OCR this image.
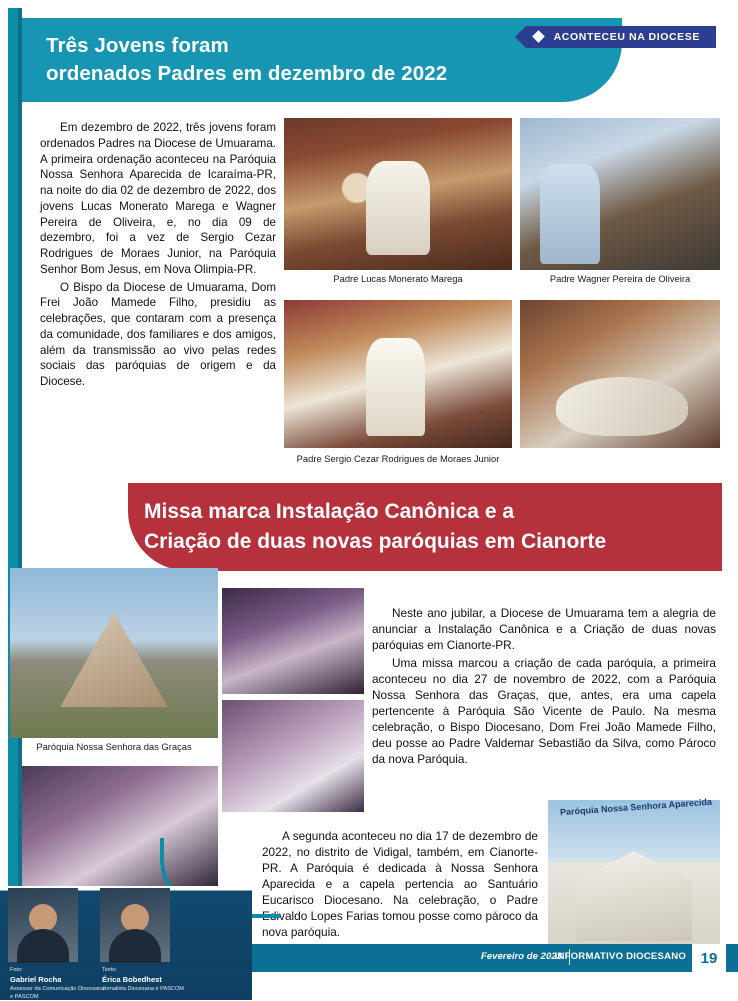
Três Jovens foram
ordenados Padres em dezembro de 2022
ACONTECEU NA DIOCESE

Em dezembro de 2022, três jovens foram ordenados Padres na Diocese de Umuarama. A primeira ordenação aconteceu na Paróquia Nossa Senhora Aparecida de Icaraíma-PR, na noite do dia 02 de dezembro de 2022, dos jovens Lucas Monerato Marega e Wagner Pereira de Oliveira, e, no dia 09 de dezembro, foi a vez de Sergio Cezar Rodrigues de Moraes Junior, na Paróquia Senhor Bom Jesus, em Nova Olimpia-PR.

O Bispo da Diocese de Umuarama, Dom Frei João Mamede Filho, presidiu as celebrações, que contaram com a presença da comunidade, dos familiares e dos amigos, além da transmissão ao vivo pelas redes sociais das paróquias de origem e da Diocese.

Padre Lucas Monerato Marega	Padre Wagner Pereira de Oliveira
Padre Sergio Cezar Rodrigues de Moraes Junior
Missa marca Instalação Canônica e a
Criação de duas novas paróquias em Cianorte

Neste ano jubilar, a Diocese de Umuarama tem a alegria de anunciar a Instalação Canônica e a Criação de duas novas paróquias em Cianorte-PR.

Uma missa marcou a criação de cada paróquia, a primeira aconteceu no dia 27 de novembro de 2022, com a Paróquia Nossa Senhora das Graças, que, antes, era uma capela pertencente à Paróquia São Vicente de Paulo. Na mesma celebração, o Bispo Diocesano, Dom Frei João Mamede Filho, deu posse ao Padre Valdemar Sebastião da Silva, como Pároco da nova Paróquia.

A segunda aconteceu no dia 17 de dezembro de 2022, no distrito de Vidigal, também, em Cianorte-PR. A Paróquia é dedicada à Nossa Senhora Aparecida e a capela pertencia ao Santuário Eucarisco Diocesano. Na celebração, o Padre Edivaldo Lopes Farias tomou posse como pároco da nova paróquia.

Paróquia Nossa Senhora das Graças
Paróquia Nossa Senhora Aparecida
Foto:
Gabriel Rocha
Assessor da Comunicação Diocesana e PASCOM
Texto:
Érica Bobedhest
Jornalista Diocesana e PASCOM
Fevereiro de 2023
INFORMATIVO DIOCESANO 19
